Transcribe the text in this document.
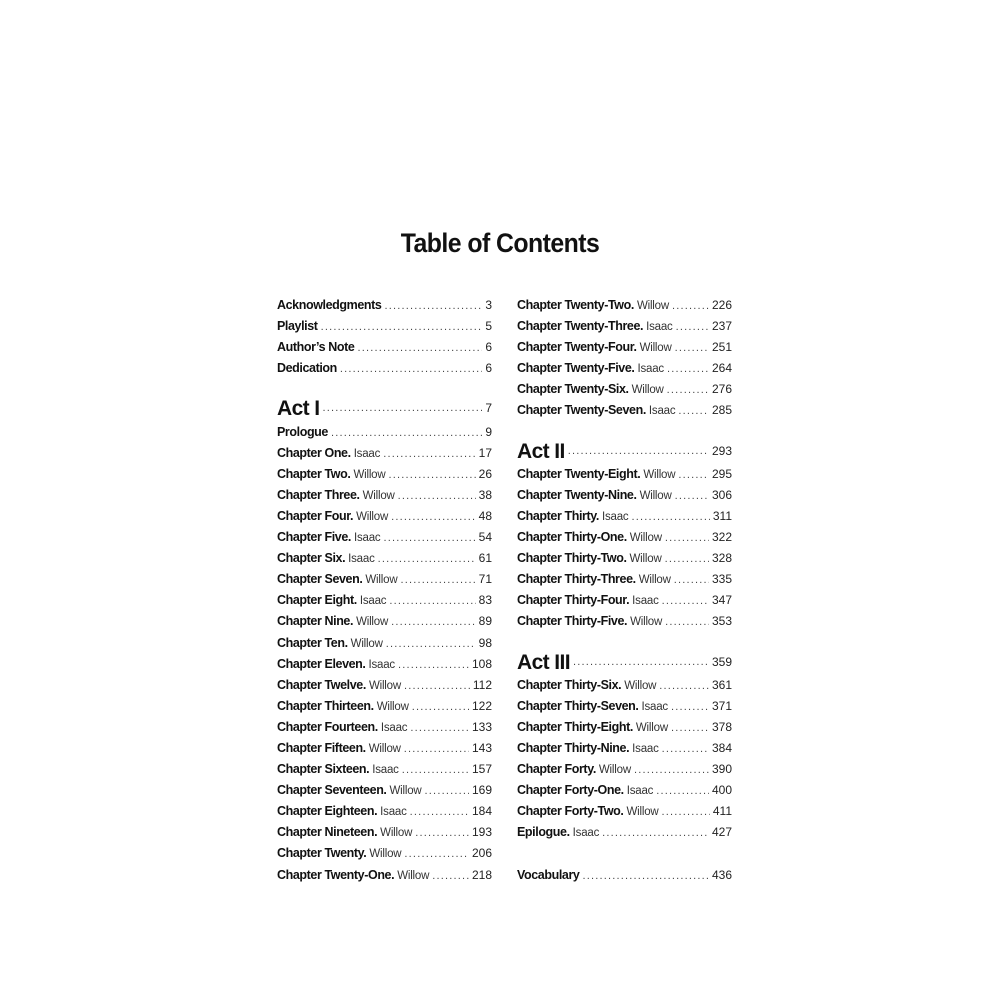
Table of Contents
Acknowledgments .....	3
Playlist .....	5
Author’s Note .....	6
Dedication .....	6
Act I .....	7
Prologue .....	9
Chapter One. Isaac .....	17
Chapter Two. Willow .....	26
Chapter Three. Willow .....	38
Chapter Four. Willow .....	48
Chapter Five. Isaac .....	54
Chapter Six. Isaac .....	61
Chapter Seven. Willow .....	71
Chapter Eight. Isaac .....	83
Chapter Nine. Willow .....	89
Chapter Ten. Willow .....	98
Chapter Eleven. Isaac .....	108
Chapter Twelve. Willow .....	112
Chapter Thirteen. Willow .....	122
Chapter Fourteen. Isaac .....	133
Chapter Fifteen. Willow .....	143
Chapter Sixteen. Isaac .....	157
Chapter Seventeen. Willow .....	169
Chapter Eighteen. Isaac .....	184
Chapter Nineteen. Willow .....	193
Chapter Twenty. Willow .....	206
Chapter Twenty-One. Willow .....	218
Chapter Twenty-Two. Willow .....	226
Chapter Twenty-Three. Isaac .....	237
Chapter Twenty-Four. Willow .....	251
Chapter Twenty-Five. Isaac .....	264
Chapter Twenty-Six. Willow .....	276
Chapter Twenty-Seven. Isaac .....	285
Act II .....	293
Chapter Twenty-Eight. Willow .....	295
Chapter Twenty-Nine. Willow .....	306
Chapter Thirty. Isaac .....	311
Chapter Thirty-One. Willow .....	322
Chapter Thirty-Two. Willow .....	328
Chapter Thirty-Three. Willow .....	335
Chapter Thirty-Four. Isaac .....	347
Chapter Thirty-Five. Willow .....	353
Act III .....	359
Chapter Thirty-Six. Willow .....	361
Chapter Thirty-Seven. Isaac .....	371
Chapter Thirty-Eight. Willow .....	378
Chapter Thirty-Nine. Isaac .....	384
Chapter Forty. Willow .....	390
Chapter Forty-One. Isaac .....	400
Chapter Forty-Two. Willow .....	411
Epilogue. Isaac .....	427
Vocabulary .....	436
